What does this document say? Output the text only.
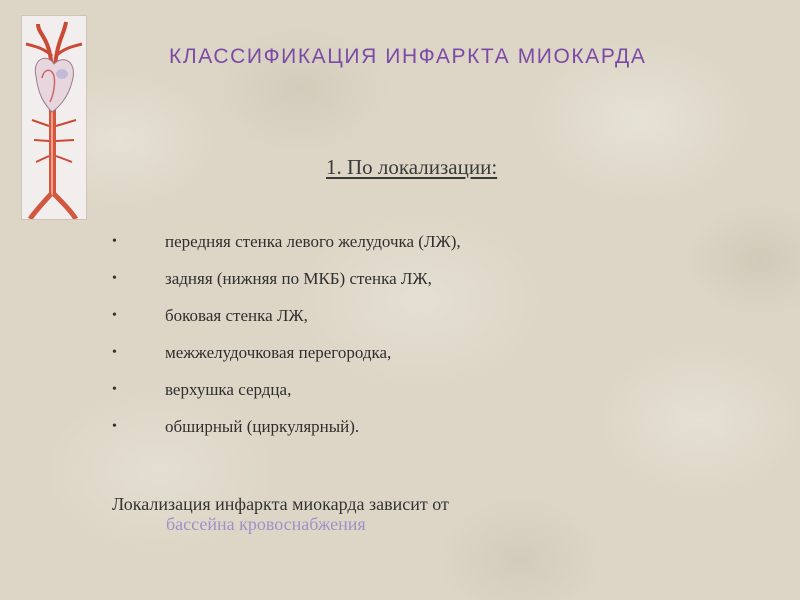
КЛАССИФИКАЦИЯ ИНФАРКТА МИОКАРДА
1. По локализации:
•	передняя стенка левого желудочка (ЛЖ),
•	задняя (нижняя по МКБ) стенка ЛЖ,
•	боковая стенка ЛЖ,
•	межжелудочковая перегородка,
•	верхушка сердца,
•	обширный (циркулярный).
Локализация инфаркта миокарда зависит от
бассейна кровоснабжения
